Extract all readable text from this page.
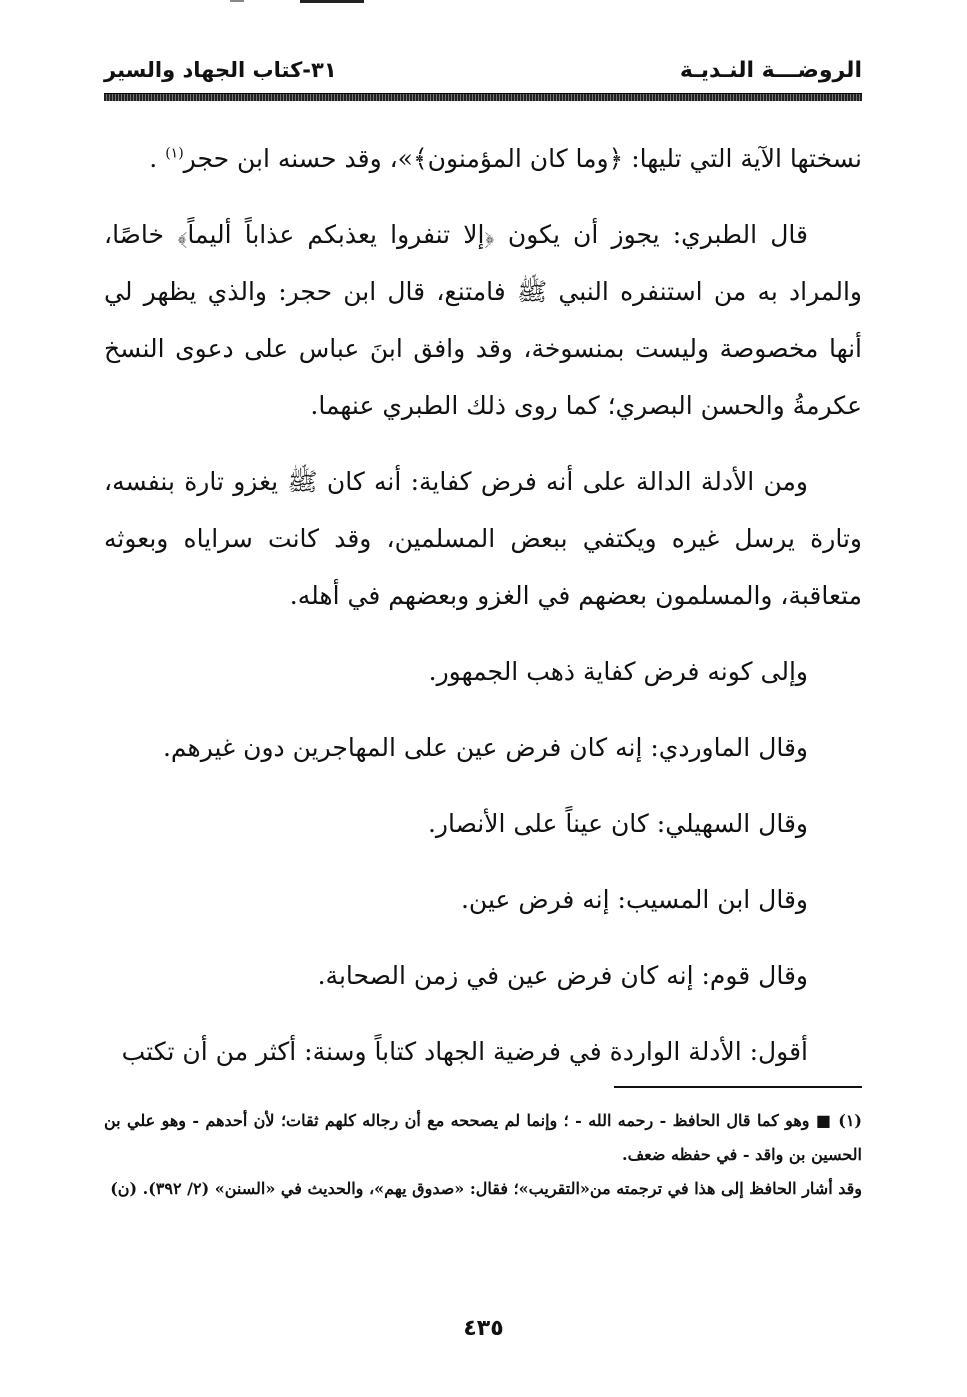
الروضـــة النـديـة
٣١-كتاب الجهاد والسير

نسختها الآية التي تليها: ﴿وما كان المؤمنون﴾»، وقد حسنه ابن حجر$^{(١)}$ .

قال الطبري: يجوز أن يكون ﴿إلا تنفروا يعذبكم عذاباً أليماً﴾ خاصًا، والمراد به من استنفره النبي ﷺ فامتنع، قال ابن حجر: والذي يظهر لي أنها مخصوصة وليست بمنسوخة، وقد وافق ابنَ عباس على دعوى النسخ عكرمةُ والحسن البصري؛ كما روى ذلك الطبري عنهما.

ومن الأدلة الدالة على أنه فرض كفاية: أنه كان ﷺ يغزو تارة بنفسه، وتارة يرسل غيره ويكتفي ببعض المسلمين، وقد كانت سراياه وبعوثه متعاقبة، والمسلمون بعضهم في الغزو وبعضهم في أهله.

وإلى كونه فرض كفاية ذهب الجمهور.

وقال الماوردي: إنه كان فرض عين على المهاجرين دون غيرهم.

وقال السهيلي: كان عيناً على الأنصار.

وقال ابن المسيب: إنه فرض عين.

وقال قوم: إنه كان فرض عين في زمن الصحابة.

أقول: الأدلة الواردة في فرضية الجهاد كتاباً وسنة: أكثر من أن تكتب

(١) ■ وهو كما قال الحافظ - رحمه الله - ؛ وإنما لم يصححه مع أن رجاله كلهم ثقات؛ لأن أحدهم - وهو علي بن الحسين بن واقد - في حفظه ضعف.

وقد أشار الحافظ إلى هذا في ترجمته من«التقريب»؛ فقال: «صدوق يهم»، والحديث في «السنن» (٢/ ٣٩٢). (ن)

٤٣٥
